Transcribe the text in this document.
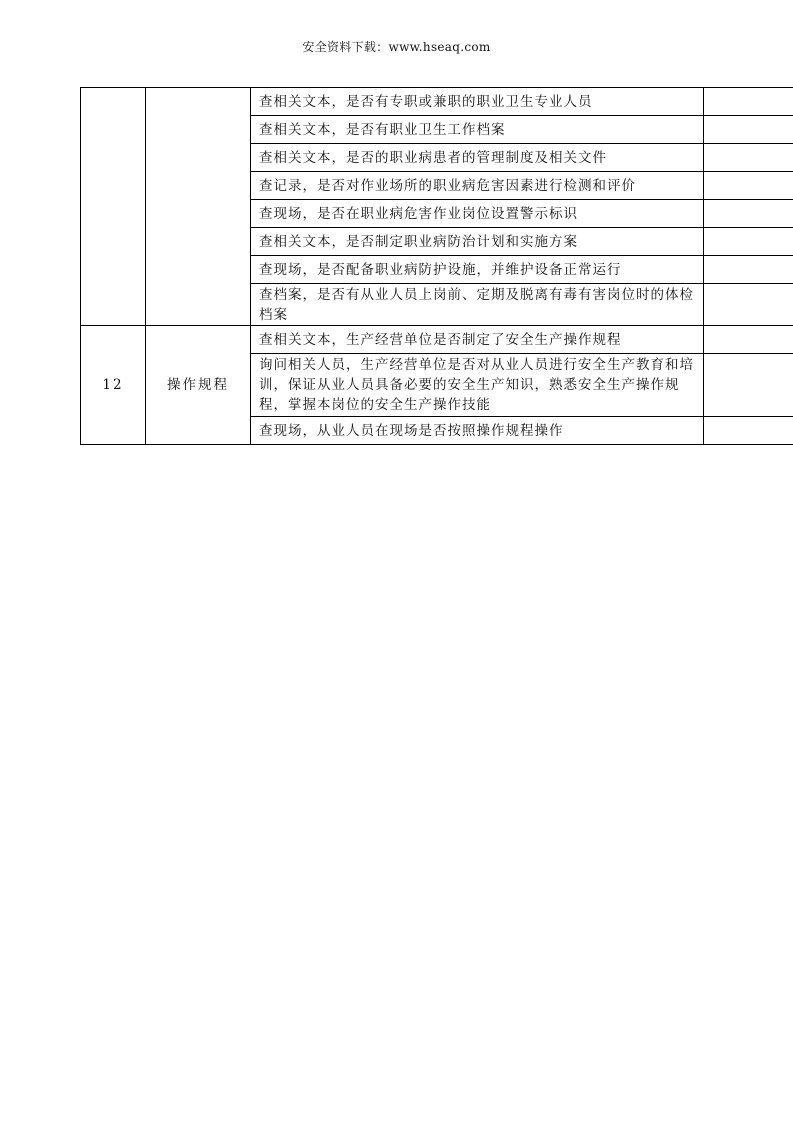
安全资料下载：www.hseaq.com
		查相关文本，是否有专职或兼职的职业卫生专业人员	
		查相关文本，是否有职业卫生工作档案	
		查相关文本，是否的职业病患者的管理制度及相关文件	
		查记录，是否对作业场所的职业病危害因素进行检测和评价	
		查现场，是否在职业病危害作业岗位设置警示标识	
		查相关文本，是否制定职业病防治计划和实施方案	
		查现场，是否配备职业病防护设施，并维护设备正常运行	
		查档案，是否有从业人员上岗前、定期及脱离有毒有害岗位时的体检档案	
12	操作规程	查相关文本，生产经营单位是否制定了安全生产操作规程	
		询问相关人员，生产经营单位是否对从业人员进行安全生产教育和培训，保证从业人员具备必要的安全生产知识，熟悉安全生产操作规程，掌握本岗位的安全生产操作技能	
		查现场，从业人员在现场是否按照操作规程操作	
